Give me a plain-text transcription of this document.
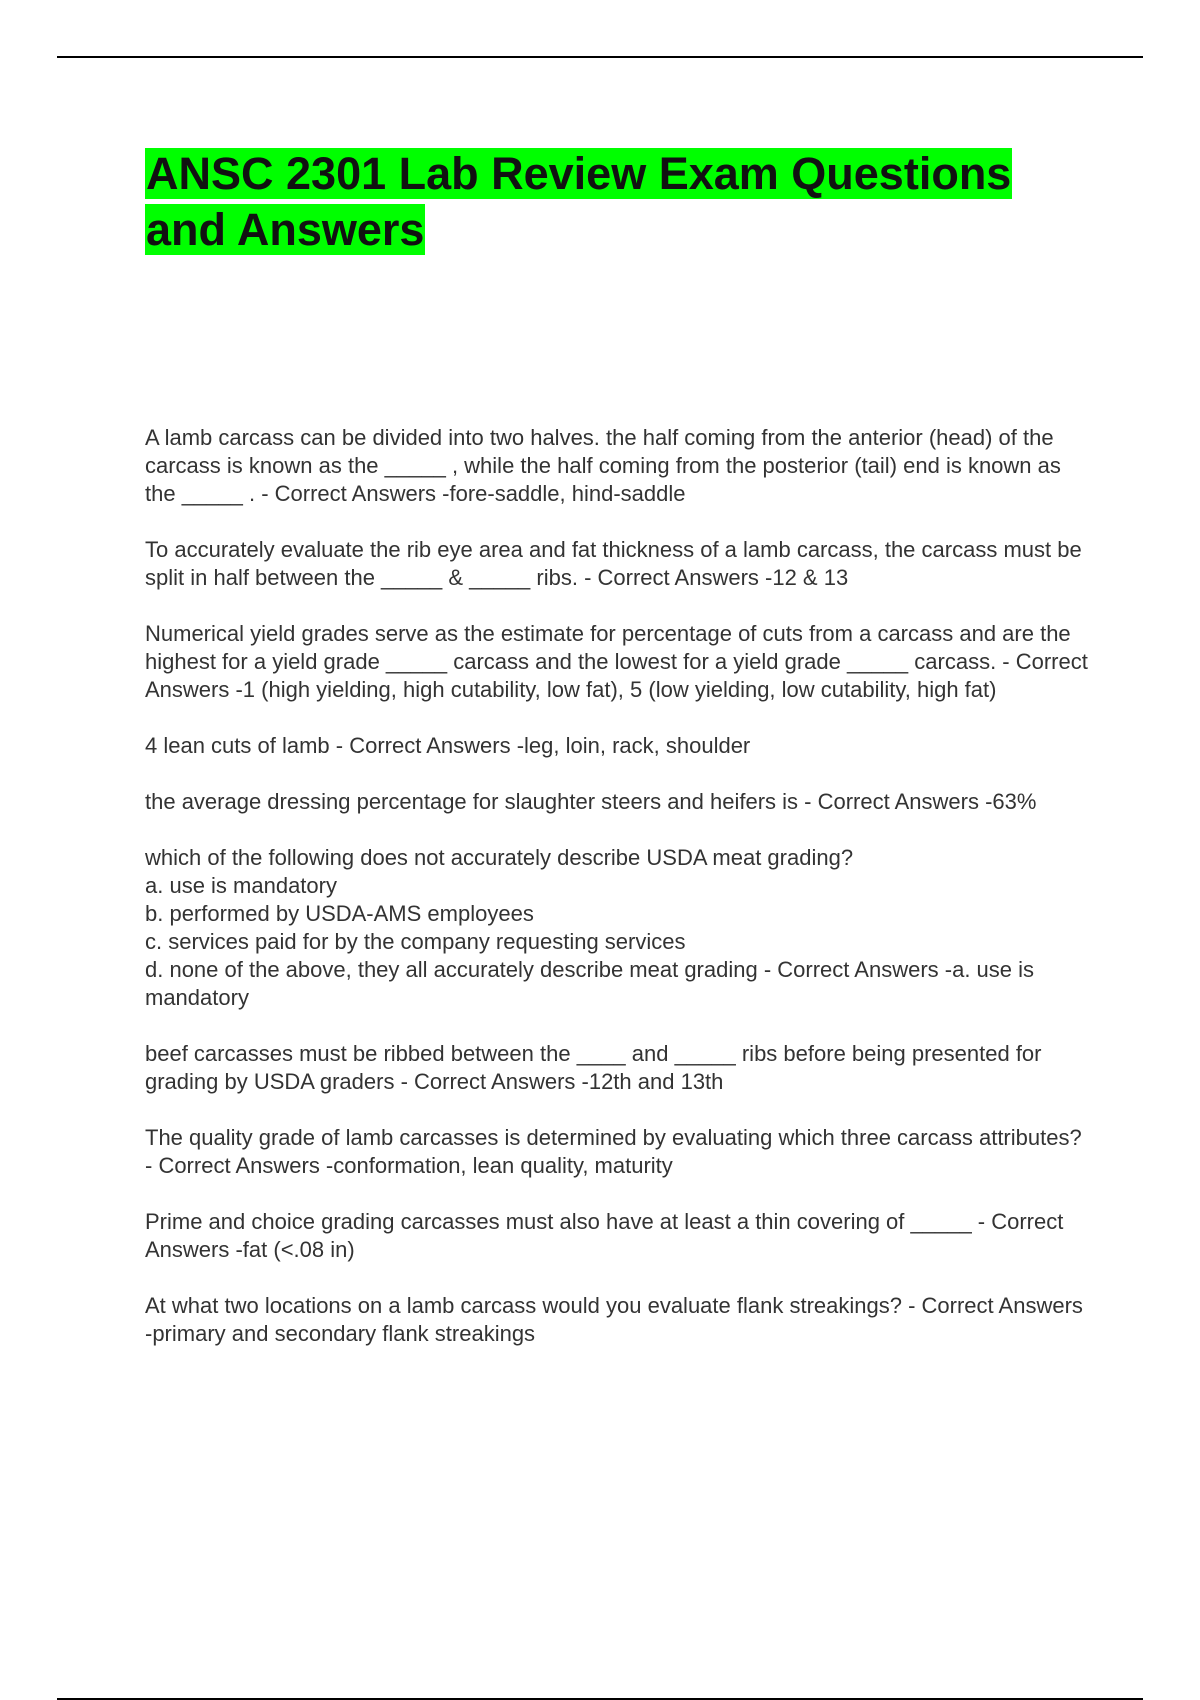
ANSC 2301 Lab Review Exam Questions and Answers

A lamb carcass can be divided into two halves. the half coming from the anterior (head) of the carcass is known as the _____ , while the half coming from the posterior (tail) end is known as the _____ . - Correct Answers -fore-saddle, hind-saddle

To accurately evaluate the rib eye area and fat thickness of a lamb carcass, the carcass must be split in half between the _____ & _____ ribs. - Correct Answers -12 & 13

Numerical yield grades serve as the estimate for percentage of cuts from a carcass and are the highest for a yield grade _____ carcass and the lowest for a yield grade _____ carcass. - Correct Answers -1 (high yielding, high cutability, low fat), 5 (low yielding, low cutability, high fat)

4 lean cuts of lamb - Correct Answers -leg, loin, rack, shoulder

the average dressing percentage for slaughter steers and heifers is - Correct Answers -63%

which of the following does not accurately describe USDA meat grading?
a. use is mandatory
b. performed by USDA-AMS employees
c. services paid for by the company requesting services
d. none of the above, they all accurately describe meat grading - Correct Answers -a. use is mandatory

beef carcasses must be ribbed between the ____ and _____ ribs before being presented for grading by USDA graders - Correct Answers -12th and 13th

The quality grade of lamb carcasses is determined by evaluating which three carcass attributes? - Correct Answers -conformation, lean quality, maturity

Prime and choice grading carcasses must also have at least a thin covering of _____ - Correct Answers -fat (<.08 in)

At what two locations on a lamb carcass would you evaluate flank streakings? - Correct Answers -primary and secondary flank streakings
